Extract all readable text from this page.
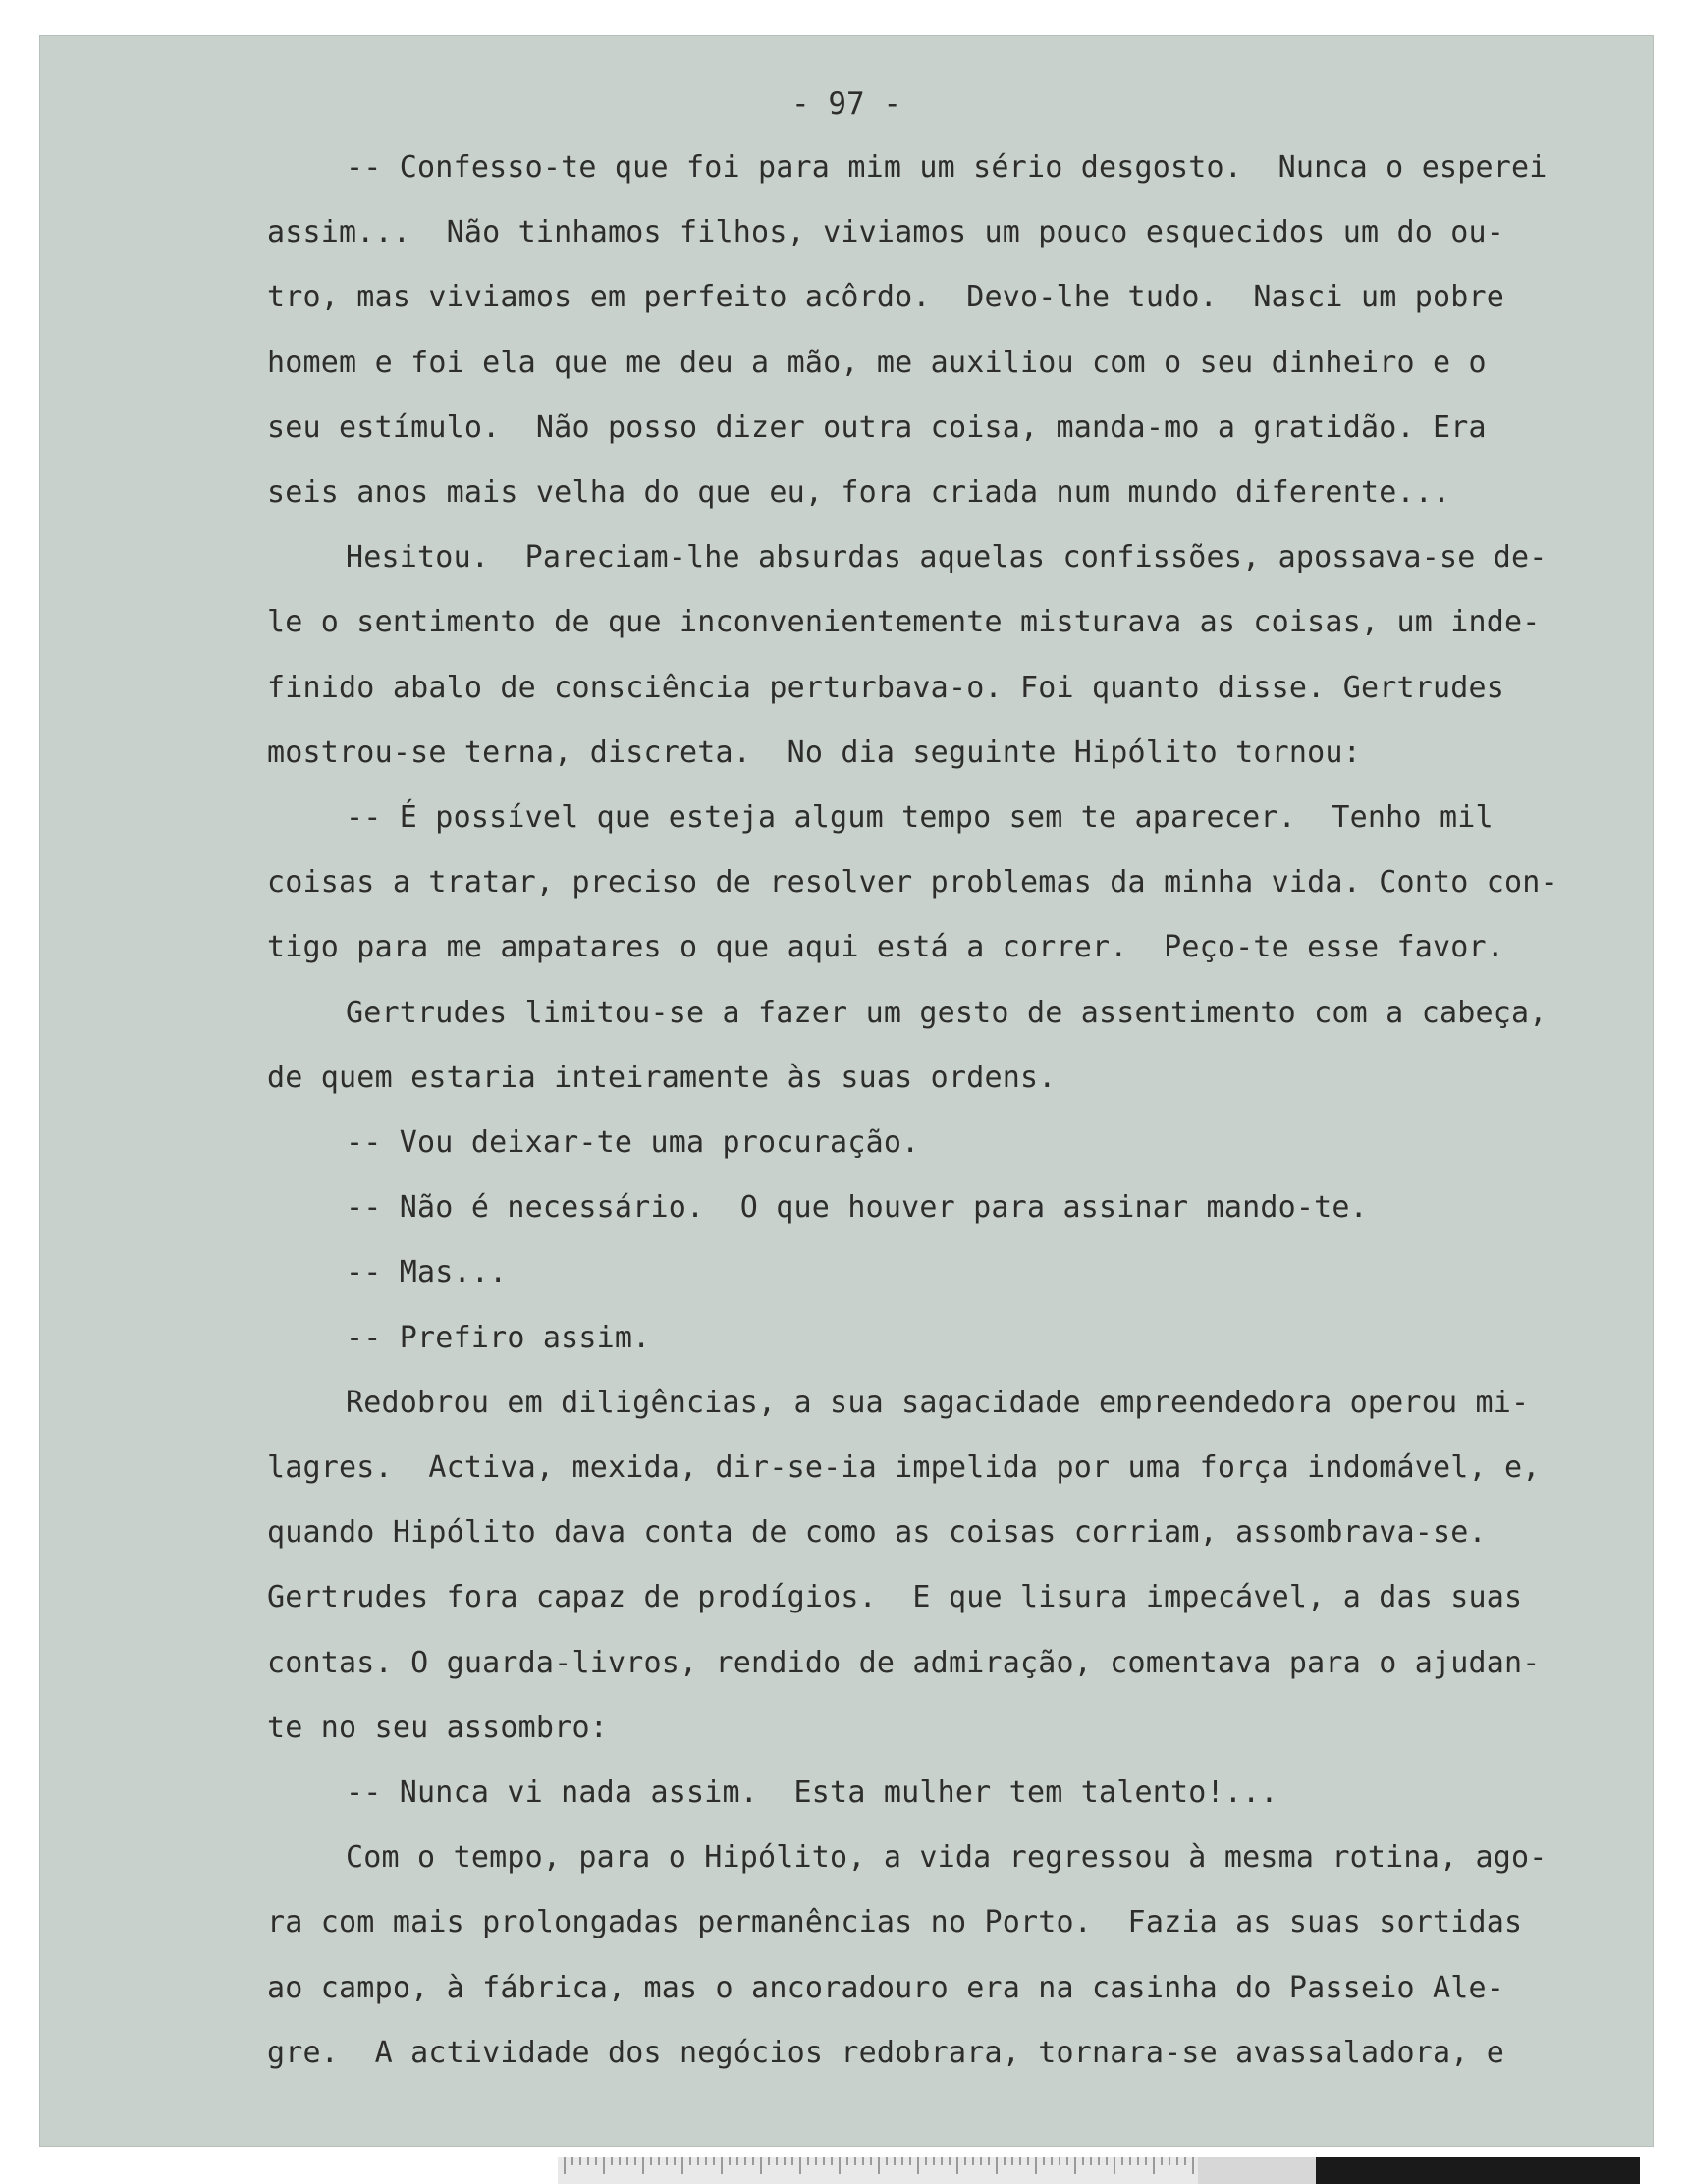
- 97 -
-- Confesso-te que foi para mim um sério desgosto.  Nunca o esperei
assim...  Não tinhamos filhos, viviamos um pouco esquecidos um do ou-
tro, mas viviamos em perfeito acôrdo.  Devo-lhe tudo.  Nasci um pobre
homem e foi ela que me deu a mão, me auxiliou com o seu dinheiro e o
seu estímulo.  Não posso dizer outra coisa, manda-mo a gratidão. Era
seis anos mais velha do que eu, fora criada num mundo diferente...
Hesitou.  Pareciam-lhe absurdas aquelas confissões, apossava-se de-
le o sentimento de que inconvenientemente misturava as coisas, um inde-
finido abalo de consciência perturbava-o. Foi quanto disse. Gertrudes
mostrou-se terna, discreta.  No dia seguinte Hipólito tornou:
-- É possível que esteja algum tempo sem te aparecer.  Tenho mil
coisas a tratar, preciso de resolver problemas da minha vida. Conto con-
tigo para me ampatares o que aqui está a correr.  Peço-te esse favor.
Gertrudes limitou-se a fazer um gesto de assentimento com a cabeça,
de quem estaria inteiramente às suas ordens.
-- Vou deixar-te uma procuração.
-- Não é necessário.  O que houver para assinar mando-te.
-- Mas...
-- Prefiro assim.
Redobrou em diligências, a sua sagacidade empreendedora operou mi-
lagres.  Activa, mexida, dir-se-ia impelida por uma força indomável, e,
quando Hipólito dava conta de como as coisas corriam, assombrava-se.
Gertrudes fora capaz de prodígios.  E que lisura impecável, a das suas
contas. O guarda-livros, rendido de admiração, comentava para o ajudan-
te no seu assombro:
-- Nunca vi nada assim.  Esta mulher tem talento!...
Com o tempo, para o Hipólito, a vida regressou à mesma rotina, ago-
ra com mais prolongadas permanências no Porto.  Fazia as suas sortidas
ao campo, à fábrica, mas o ancoradouro era na casinha do Passeio Ale-
gre.  A actividade dos negócios redobrara, tornara-se avassaladora, e
